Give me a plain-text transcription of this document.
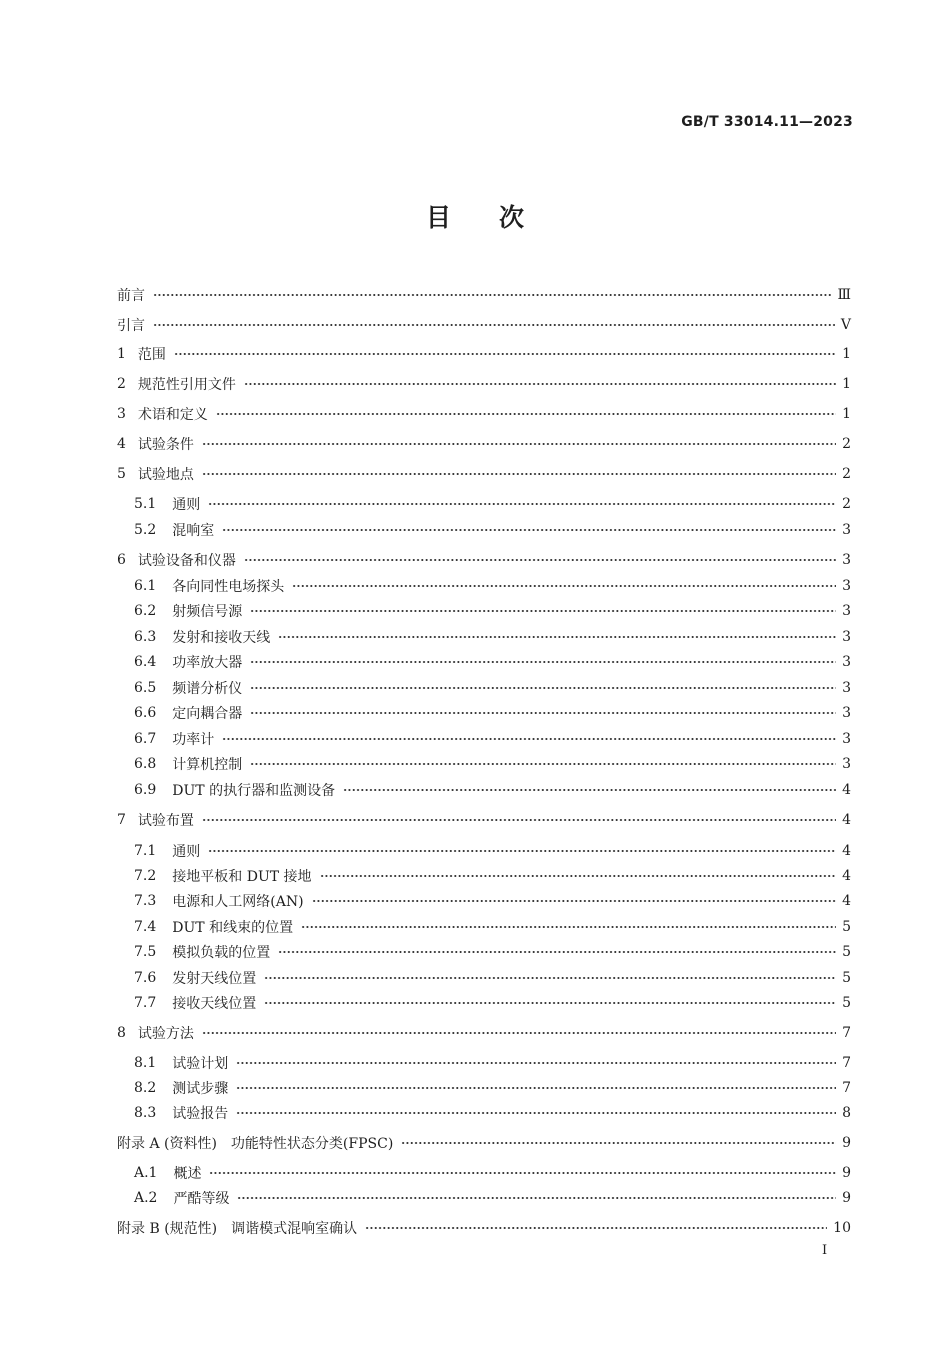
GB/T 33014.11—2023
目次
前言	Ⅲ
引言	Ⅴ
1 范围	1
2 规范性引用文件	1
3 术语和定义	1
4 试验条件	2
5 试验地点	2
5.1 通则	2
5.2 混响室	3
6 试验设备和仪器	3
6.1 各向同性电场探头	3
6.2 射频信号源	3
6.3 发射和接收天线	3
6.4 功率放大器	3
6.5 频谱分析仪	3
6.6 定向耦合器	3
6.7 功率计	3
6.8 计算机控制	3
6.9 DUT 的执行器和监测设备	4
7 试验布置	4
7.1 通则	4
7.2 接地平板和 DUT 接地	4
7.3 电源和人工网络(AN)	4
7.4 DUT 和线束的位置	5
7.5 模拟负载的位置	5
7.6 发射天线位置	5
7.7 接收天线位置	5
8 试验方法	7
8.1 试验计划	7
8.2 测试步骤	7
8.3 试验报告	8
附录 A (资料性)　功能特性状态分类(FPSC)	9
A.1 概述	9
A.2 严酷等级	9
附录 B (规范性)　调谐模式混响室确认	10
I
